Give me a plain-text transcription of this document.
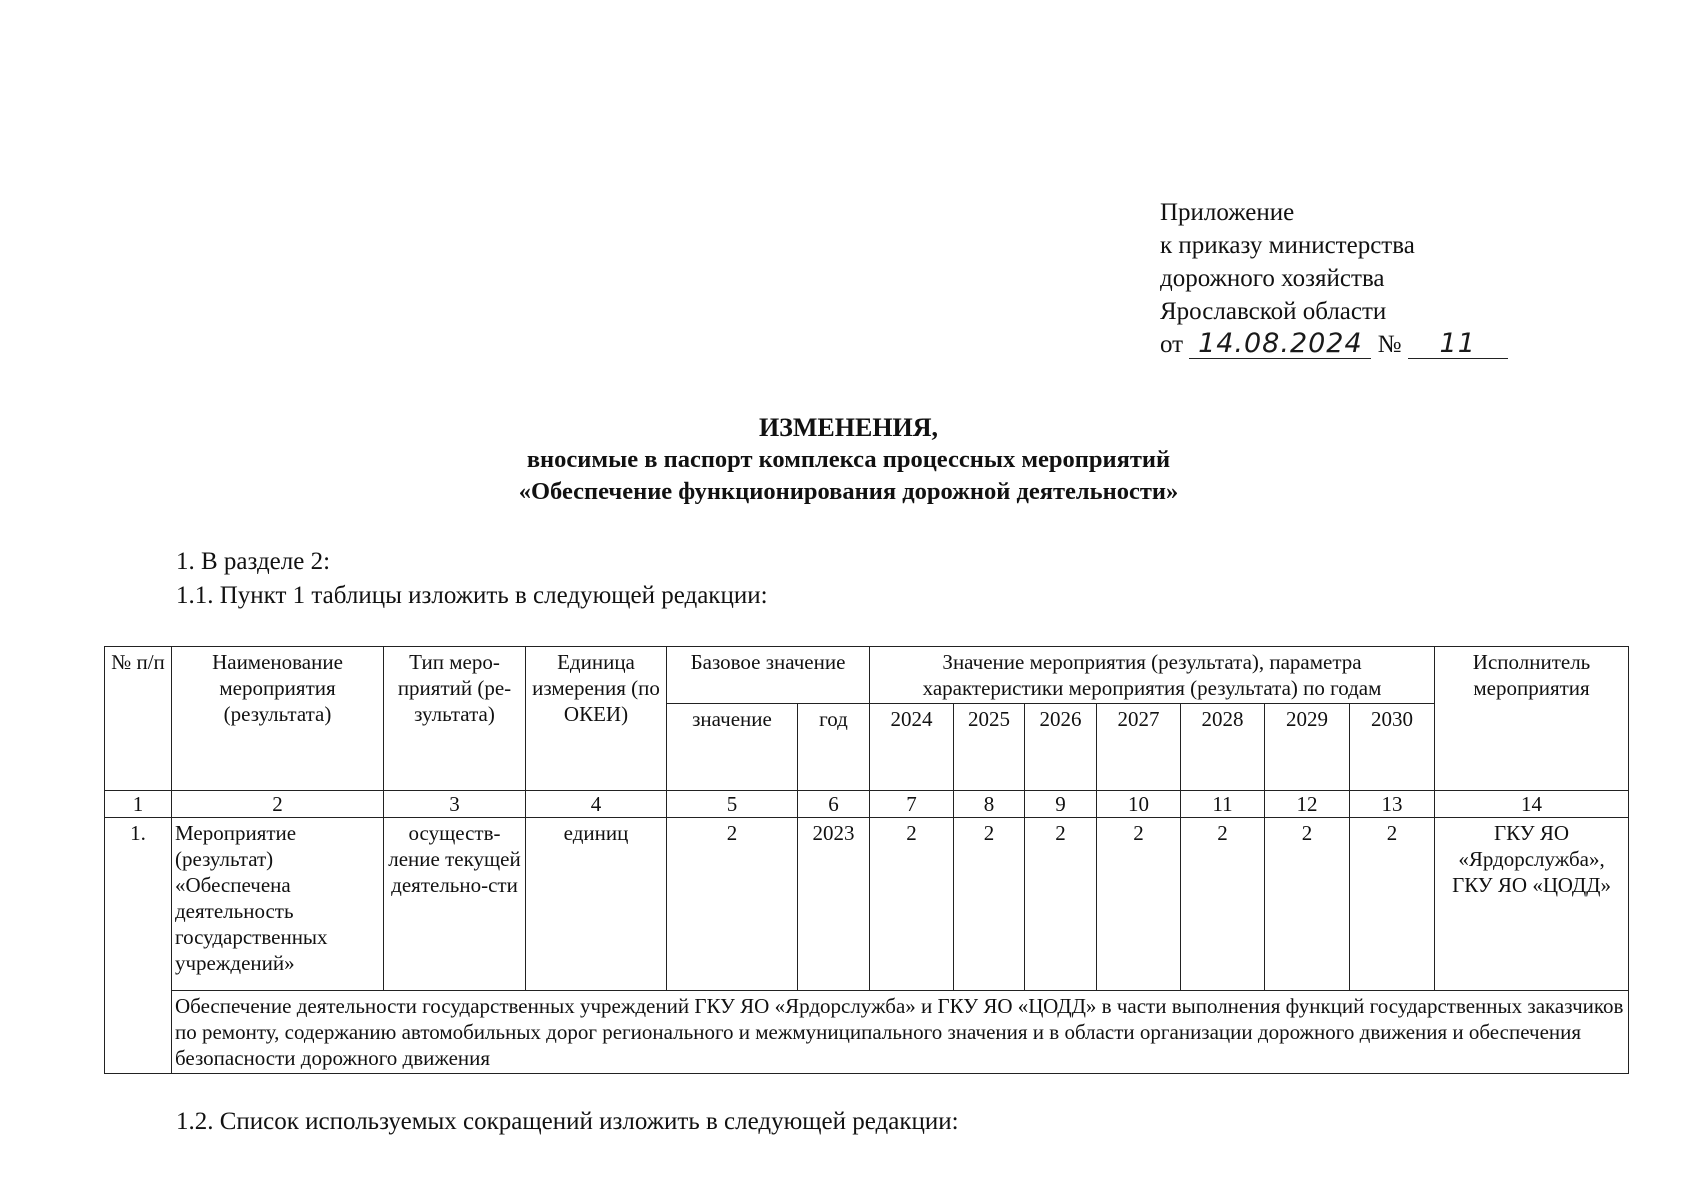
Приложение
к приказу министерства
дорожного хозяйства
Ярославской области
от 14.08.2024 № 11
ИЗМЕНЕНИЯ,
вносимые в паспорт комплекса процессных мероприятий
«Обеспечение функционирования дорожной деятельности»
1. В разделе 2:
1.1. Пункт 1 таблицы изложить в следующей редакции:
№ п/п	Наименование мероприятия (результата)	Тип меро-приятий (ре-зультата)	Единица измерения (по ОКЕИ)	Базовое значение		Значение мероприятия (результата), параметра характеристики мероприятия (результата) по годам							Исполнитель мероприятия
				значение	год	2024	2025	2026	2027	2028	2029	2030	
1	2	3	4	5	6	7	8	9	10	11	12	13	14
1.	Мероприятие (результат) «Обеспечена деятельность государственных учреждений»	осуществ-ление текущей деятельно-сти	единиц	2	2023	2	2	2	2	2	2	2	ГКУ ЯО «Ярдорслужба», ГКУ ЯО «ЦОДД»
	Обеспечение деятельности государственных учреждений ГКУ ЯО «Ярдорслужба» и ГКУ ЯО «ЦОДД» в части выполнения функций государственных заказчиков по ремонту, содержанию автомобильных дорог регионального и межмуниципального значения и в области организации дорожного движения и обеспечения безопасности дорожного движения												
1.2. Список используемых сокращений изложить в следующей редакции:
